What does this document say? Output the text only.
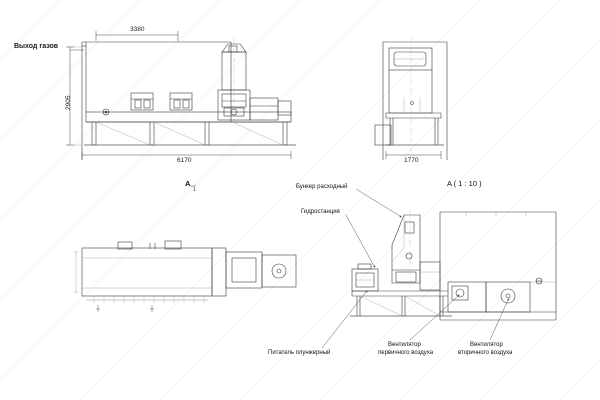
Выход газов
3380
2905
6170	1770
A
1
A ( 1 : 10 )
Бункер расходный
Гидростанция
Питатель плунжерный
Вентилятор
первичного воздуха
Вентилятор
вторичного воздуха
